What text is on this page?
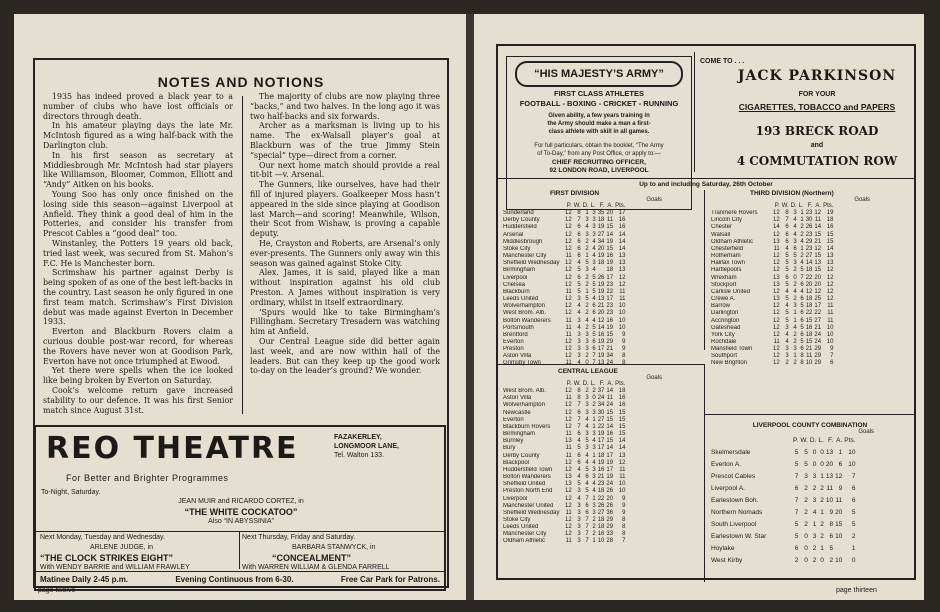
NOTES AND NOTIONS

1935 has indeed proved a black year to a number of clubs who have lost officials or directors through death.

In his amateur playing days the late Mr. McIntosh figured as a wing half-back with the Darlington club.

In his first season as secretary at Middlesbrough Mr. McIntosh had star players like Williamson, Bloomer, Common, Elliott and “Andy” Aitken on his books.

Young Soo has only once finished on the losing side this season—against Liverpool at Anfield. They think a good deal of him in the Potteries, and consider his transfer from Prescot Cables a “good deal” too.

Winstanley, the Potters 19 years old back, tried last week, was secured from St. Mahon’s F.C. He is Manchester born.

Scrimshaw his partner against Derby is being spoken of as one of the best left-backs in the country. Last season he only figured in one first team match. Scrimshaw’s First Division debut was made against Everton in December 1933.

Everton and Blackburn Rovers claim a curious double post-war record, for whereas the Rovers have never won at Goodison Park, Everton have not once triumphed at Ewood.

Yet there were spells when the ice looked like being broken by Everton on Saturday.

Cook’s welcome return gave increased stability to our defence. It was his first Senior match since August 31st.

The majority of clubs are now playing three “backs,” and two halves. In the long ago it was two half-backs and six forwards.

Archer as a marksman is living up to his name. The ex-Walsall player’s goal at Blackburn was of the true Jimmy Stein “special” type—direct from a corner.

Our next home match should provide a real tit-bit —v. Arsenal.

The Gunners, like ourselves, have had their fill of injured players. Goalkeeper Moss hasn’t appeared in the side since playing at Goodison last March—and scoring! Meanwhile, Wilson, their Scot from Wishaw, is proving a capable deputy.

He, Crayston and Roberts, are Arsenal’s only ever-presents. The Gunners only away win this season was gained against Stoke City.

Alex. James, it is said, played like a man without inspiration against his old club Preston. A James without inspiration is very ordinary, whilst in itself extraordinary.

‘Spurs would like to take Birmingham’s Fillingham. Secretary Tresadern was watching him at Anfield.

Our Central League side did better again last week, and are now within hail of the leaders. But can they keep up the good work to-day on the leader’s ground? We wonder.

REO THEATRE
For Better and Brighter Programmes
FAZAKERLEY,
LONGMOOR LANE,
Tel. Walton 133.
To-Night, Saturday.
JEAN MUIR and RICARDO CORTEZ, in
“THE WHITE COCKATOO”
Also “IN ABYSSINIA”
Next Monday, Tuesday and Wednesday.
ARLENE JUDGE, in
“THE CLOCK STRIKES EIGHT”
With WENDY BARRIE and WILLIAM FRAWLEY
Next Thursday, Friday and Saturday.
BARBARA STANWYCK, in
“CONCEALMENT”
With WARREN WILLIAM & GLENDA FARRELL
Matinee Daily 2-45 p.m.	Evening Continuous from 6-30.	Free Car Park for Patrons.
page twelve
“HIS MAJESTY’S ARMY”
FIRST CLASS ATHLETES
FOOTBALL - BOXING - CRICKET - RUNNING
Given ability, a few years training in
the Army should make a man a first-
class athlete with skill in all games.
For full particulars, obtain the booklet, “The Army
of To-Day,” from any Post Office, or apply to:—
CHIEF RECRUITING OFFICER,
92 LONDON ROAD, LIVERPOOL
COME TO . . .
JACK PARKINSON
FOR YOUR
CIGARETTES, TOBACCO and PAPERS
193 BRECK ROAD
and
4 COMMUTATION ROW
Up to and including Saturday, 26th October
FIRST DIVISION
Goals
	P.	W.	D.	L.	F.	A.	Pts.
Sunderland	12	8	1	3	35	20	17
Derby County	12	7	3	3	18	11	16
Huddersfield	12	6	4	3	19	15	16
Arsenal	12	6	3	3	27	14	14
Middlesbrough	12	6	2	4	34	19	14
Stoke City	12	6	2	4	20	15	14
Manchester City	11	6	1	4	19	16	13
Sheffield Wednesday	12	4	5	3	18	19	13
Birmingham	12	5	3	4		18	13
Liverpool	12	6	2	5	26	17	12
Chelsea	12	5	2	5	19	23	12
Blackburn	11	5	1	5	19	22	11
Leeds United	12	3	5	4	13	17	11
Wolverhampton	12	4	2	6	21	23	10
West Brom. Alb.	12	4	2	6	20	23	10
Bolton Wanderers	11	3	4	4	12	16	10
Portsmouth	11	4	2	5	14	19	10
Brentford	11	3	3	5	16	15	9
Everton	12	3	3	6	19	29	9
Preston	12	3	3	6	17	21	9
Aston Villa	12	3	2	7	19	34	8

THIRD DIVISION (Northern)
Goals
	P.	W.	D.	L.	F.	A.	Pts.
Tranmere Rovers	12	8	3	1	23	12	19
Lincoln City	12	7	4	1	30	11	18
Chester	14	6	4	2	26	14	16
Walsall	12	6	4	2	23	15	15
Oldham Athletic	13	6	3	4	29	21	15
Chesterfield	11	4	6	1	23	12	14
Rotherham	12	5	5	2	27	15	13
Halifax Town	12	5	3	4	14	13	13
Hartlepools	12	5	2	5	18	15	12
Wrexham	13	6	0	7	22	20	12
Stockport	13	5	2	6	20	20	12
Carlisle United	12	4	4	4	12	12	12
Crewe A.	13	5	2	6	18	25	12
Barrow	12	4	3	5	18	17	11
Darlington	12	5	1	6	22	22	11
Accrington	12	5	1	6	15	27	11
Gateshead	12	3	4	5	16	21	10
York City	12	4	2	6	18	24	10
Rochdale	11	4	2	5	15	24	10
Mansfield Town	12	3	3	6	21	29	9
Southport	12	3	1	8	11	29	7
New Brighton	12	2	2	8	10	29	6
CENTRAL LEAGUE
Goals
	P.	W.	D.	L.	F.	A.	Pts.
West Brom. Alb.	12	8	2	2	37	14	18
Aston Villa	11	8	3	0	24	11	16
Wolverhampton	12	7	3	2	34	24	16
Newcastle	12	6	3	3	30	15	15
Everton	12	7	4	1	27	15	15
Blackburn Rovers	12	7	4	1	22	14	15
Birmingham	11	6	3	3	19	16	15
Burnley	13	4	5	4	17	15	14
Bury	11	5	3	3	17	14	14
Derby County	11	6	4	1	18	17	13
Blackpool	12	6	4	4	19	19	12
Huddersfield Town	12	4	5	3	16	17	11
Bolton Wanderers	13	4	6	3	21	19	11
Sheffield United	13	5	4	4	23	24	10
Preston North End	12	3	5	4	18	26	10
Liverpool	12	4	7	1	22	20	9
Manchester United	12	3	6	3	26	26	9
Sheffield Wednesday	11	3	6	3	27	36	9
Stoke City	12	3	7	2	18	29	8
Leeds United	12	3	7	2	18	29	8
Manchester City	12	3	7	2	16	33	8
Oldham Athletic	11	3	7	1	10	28	7
LIVERPOOL COUNTY COMBINATION
Goals
	P.	W.	D.	L.	F.	A.	Pts.
Skelmersdale	5	5	0	0	13	1	10
Everton A.	5	5	0	0	20	6	10
Prescot Cables	7	3	3	1	13	12	7
Liverpool A.	6	2	2	2	11	9	6
Earlestown Boh.	7	2	3	2	10	11	6
Northern Nomads	7	2	4	1	9	20	5
South Liverpool	5	2	1	2	8	15	5
Earlestown W. Star	5	0	3	2	6	10	2
Hoylake	6	0	2	1	5		1
West Kirby	2	0	2	0	2	10	0
page thirteen
